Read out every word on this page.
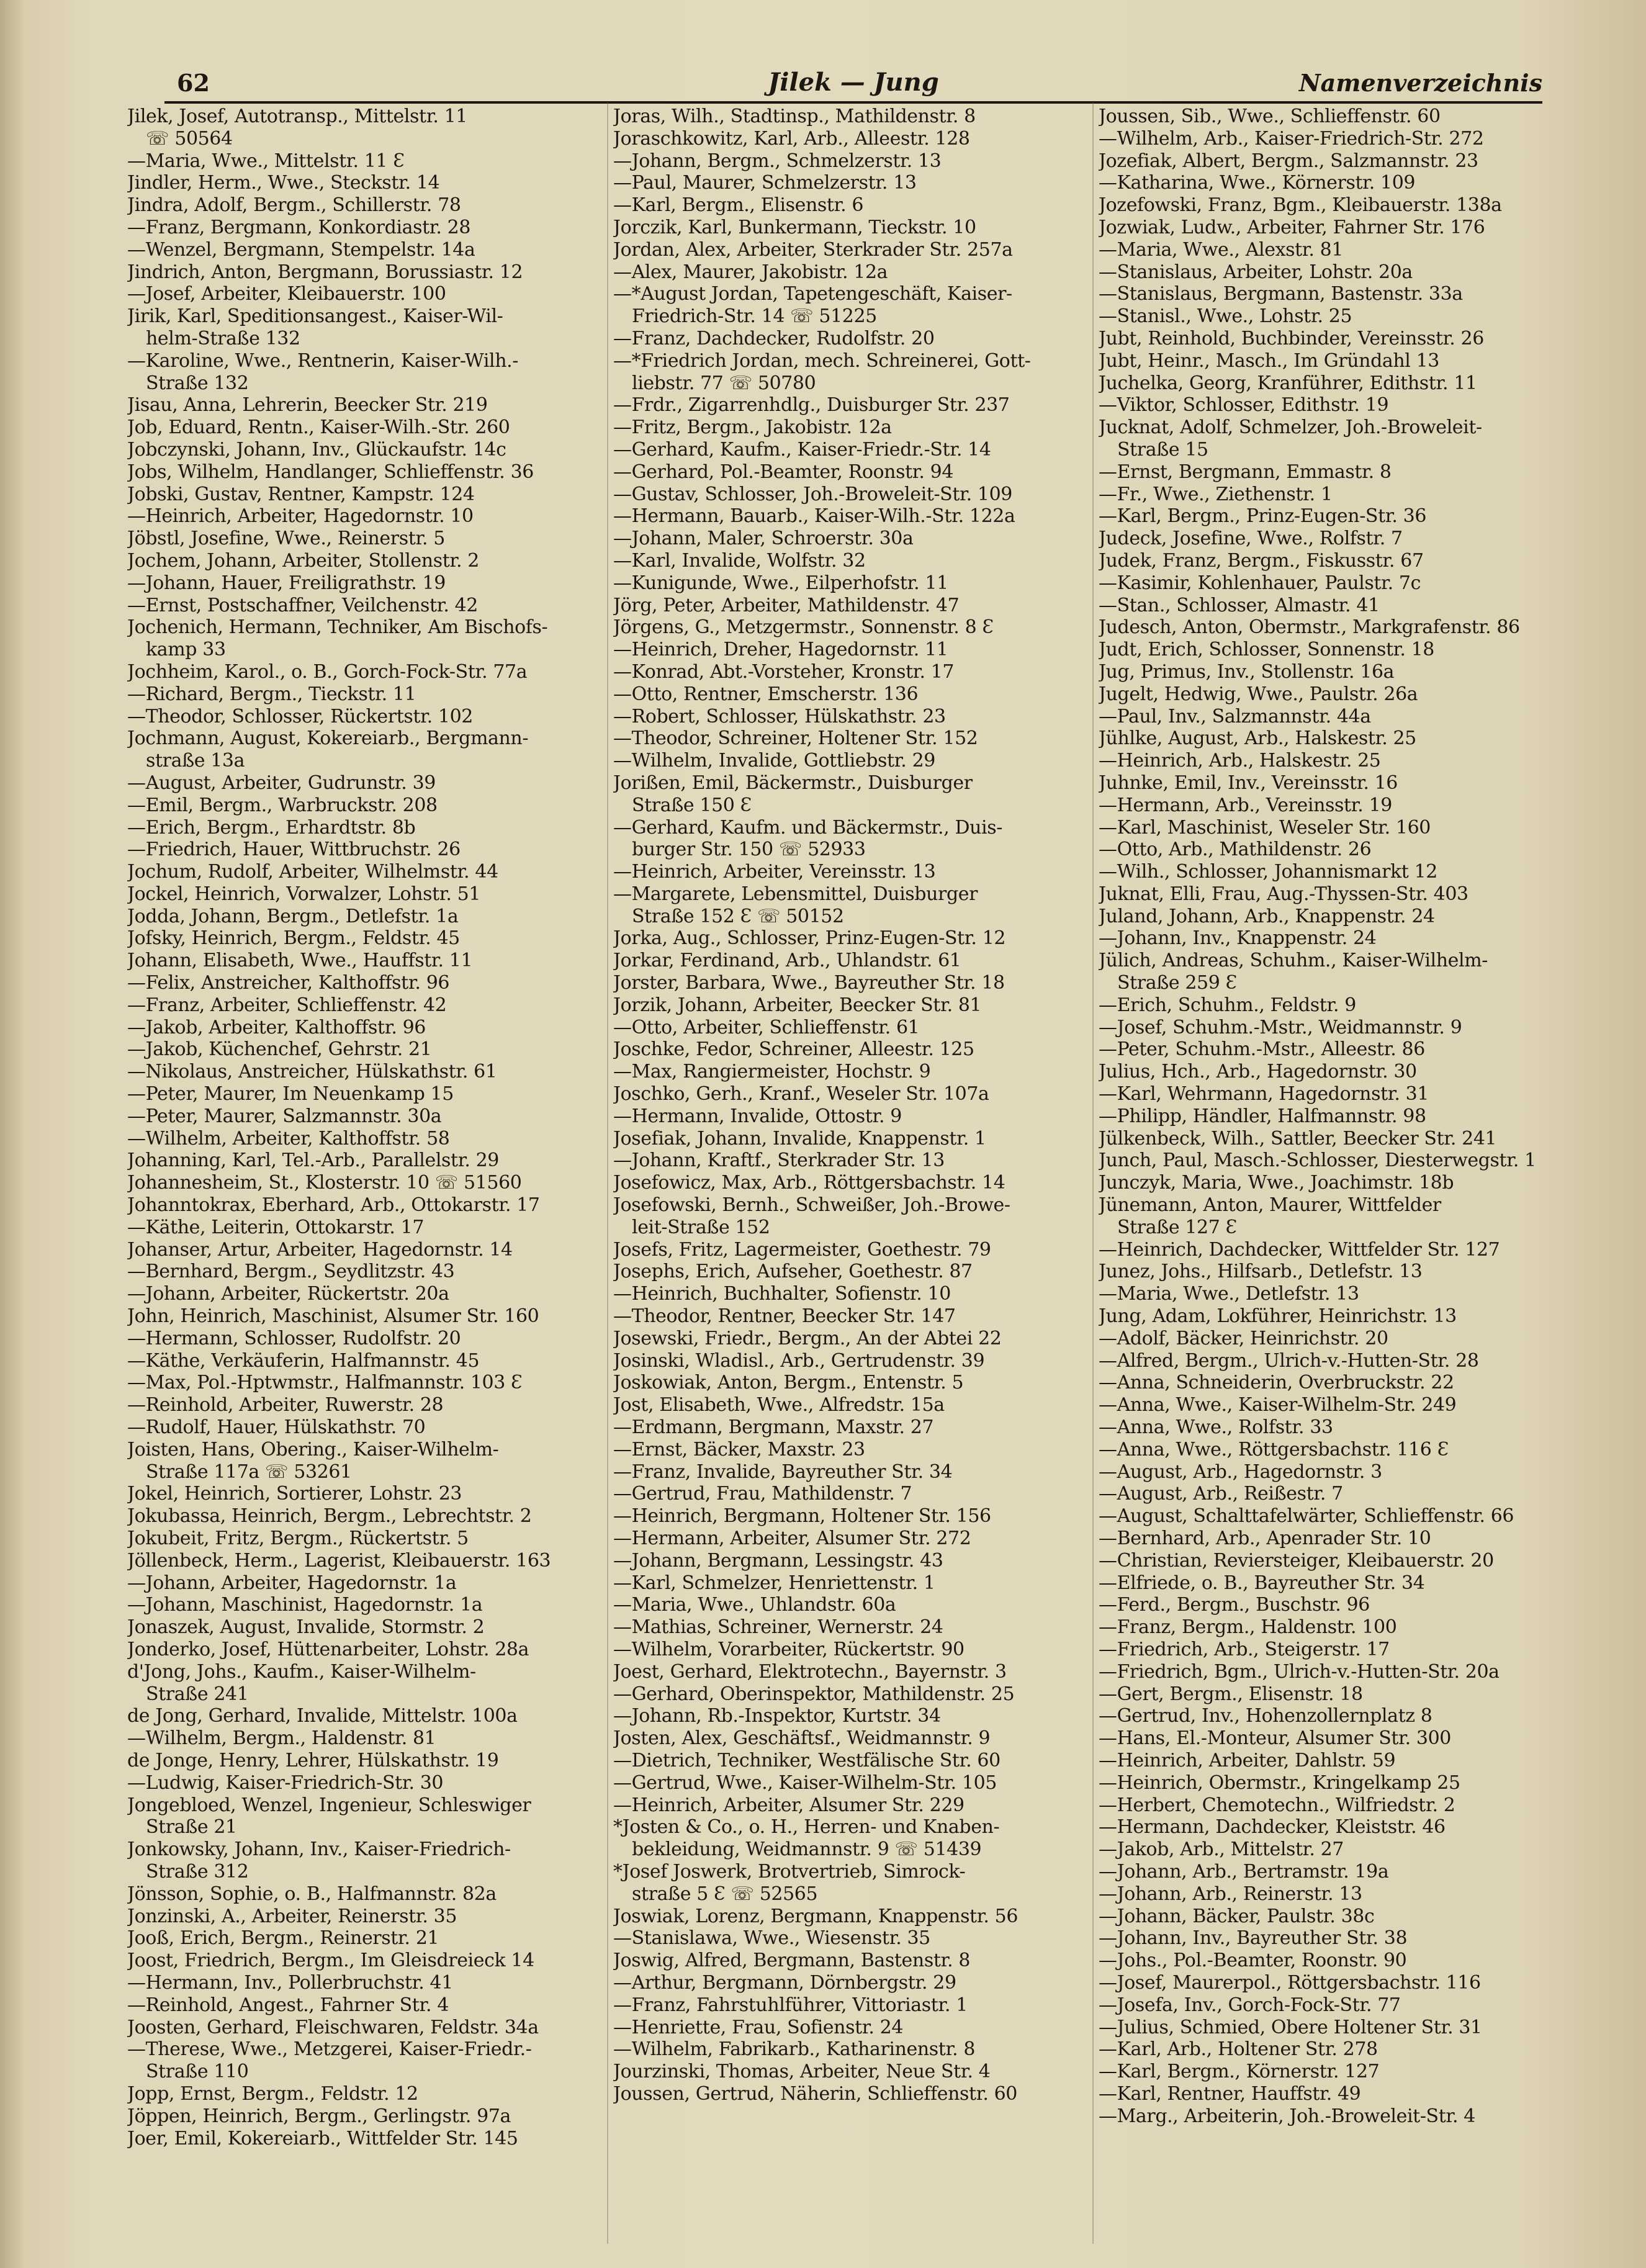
62	Jilek — Jung	Namenverzeichnis
Jilek, Josef, Autotransp., Mittelstr. 11
☏ 50564
—Maria, Wwe., Mittelstr. 11 Ɛ
Jindler, Herm., Wwe., Steckstr. 14
Jindra, Adolf, Bergm., Schillerstr. 78
—Franz, Bergmann, Konkordiastr. 28
—Wenzel, Bergmann, Stempelstr. 14a
Jindrich, Anton, Bergmann, Borussiastr. 12
—Josef, Arbeiter, Kleibauerstr. 100
Jirik, Karl, Speditionsangest., Kaiser-Wil-
helm-Straße 132
—Karoline, Wwe., Rentnerin, Kaiser-Wilh.-
Straße 132
Jisau, Anna, Lehrerin, Beecker Str. 219
Job, Eduard, Rentn., Kaiser-Wilh.-Str. 260
Jobczynski, Johann, Inv., Glückaufstr. 14c
Jobs, Wilhelm, Handlanger, Schlieffenstr. 36
Jobski, Gustav, Rentner, Kampstr. 124
—Heinrich, Arbeiter, Hagedornstr. 10
Jöbstl, Josefine, Wwe., Reinerstr. 5
Jochem, Johann, Arbeiter, Stollenstr. 2
—Johann, Hauer, Freiligrathstr. 19
—Ernst, Postschaffner, Veilchenstr. 42
Jochenich, Hermann, Techniker, Am Bischofs-
kamp 33
Jochheim, Karol., o. B., Gorch-Fock-Str. 77a
—Richard, Bergm., Tieckstr. 11
—Theodor, Schlosser, Rückertstr. 102
Jochmann, August, Kokereiarb., Bergmann-
straße 13a
—August, Arbeiter, Gudrunstr. 39
—Emil, Bergm., Warbruckstr. 208
—Erich, Bergm., Erhardtstr. 8b
—Friedrich, Hauer, Wittbruchstr. 26
Jochum, Rudolf, Arbeiter, Wilhelmstr. 44
Jockel, Heinrich, Vorwalzer, Lohstr. 51
Jodda, Johann, Bergm., Detlefstr. 1a
Jofsky, Heinrich, Bergm., Feldstr. 45
Johann, Elisabeth, Wwe., Hauffstr. 11
—Felix, Anstreicher, Kalthoffstr. 96
—Franz, Arbeiter, Schlieffenstr. 42
—Jakob, Arbeiter, Kalthoffstr. 96
—Jakob, Küchenchef, Gehrstr. 21
—Nikolaus, Anstreicher, Hülskathstr. 61
—Peter, Maurer, Im Neuenkamp 15
—Peter, Maurer, Salzmannstr. 30a
—Wilhelm, Arbeiter, Kalthoffstr. 58
Johanning, Karl, Tel.-Arb., Parallelstr. 29
Johannesheim, St., Klosterstr. 10 ☏ 51560
Johanntokrax, Eberhard, Arb., Ottokarstr. 17
—Käthe, Leiterin, Ottokarstr. 17
Johanser, Artur, Arbeiter, Hagedornstr. 14
—Bernhard, Bergm., Seydlitzstr. 43
—Johann, Arbeiter, Rückertstr. 20a
John, Heinrich, Maschinist, Alsumer Str. 160
—Hermann, Schlosser, Rudolfstr. 20
—Käthe, Verkäuferin, Halfmannstr. 45
—Max, Pol.-Hptwmstr., Halfmannstr. 103 Ɛ
—Reinhold, Arbeiter, Ruwerstr. 28
—Rudolf, Hauer, Hülskathstr. 70
Joisten, Hans, Obering., Kaiser-Wilhelm-
Straße 117a ☏ 53261
Jokel, Heinrich, Sortierer, Lohstr. 23
Jokubassa, Heinrich, Bergm., Lebrechtstr. 2
Jokubeit, Fritz, Bergm., Rückertstr. 5
Jöllenbeck, Herm., Lagerist, Kleibauerstr. 163
—Johann, Arbeiter, Hagedornstr. 1a
—Johann, Maschinist, Hagedornstr. 1a
Jonaszek, August, Invalide, Stormstr. 2
Jonderko, Josef, Hüttenarbeiter, Lohstr. 28a
d'Jong, Johs., Kaufm., Kaiser-Wilhelm-
Straße 241
de Jong, Gerhard, Invalide, Mittelstr. 100a
—Wilhelm, Bergm., Haldenstr. 81
de Jonge, Henry, Lehrer, Hülskathstr. 19
—Ludwig, Kaiser-Friedrich-Str. 30
Jongebloed, Wenzel, Ingenieur, Schleswiger
Straße 21
Jonkowsky, Johann, Inv., Kaiser-Friedrich-
Straße 312
Jönsson, Sophie, o. B., Halfmannstr. 82a
Jonzinski, A., Arbeiter, Reinerstr. 35
Jooß, Erich, Bergm., Reinerstr. 21
Joost, Friedrich, Bergm., Im Gleisdreieck 14
—Hermann, Inv., Pollerbruchstr. 41
—Reinhold, Angest., Fahrner Str. 4
Joosten, Gerhard, Fleischwaren, Feldstr. 34a
—Therese, Wwe., Metzgerei, Kaiser-Friedr.-
Straße 110
Jopp, Ernst, Bergm., Feldstr. 12
Jöppen, Heinrich, Bergm., Gerlingstr. 97a
Joer, Emil, Kokereiarb., Wittfelder Str. 145
Joras, Wilh., Stadtinsp., Mathildenstr. 8
Joraschkowitz, Karl, Arb., Alleestr. 128
—Johann, Bergm., Schmelzerstr. 13
—Paul, Maurer, Schmelzerstr. 13
—Karl, Bergm., Elisenstr. 6
Jorczik, Karl, Bunkermann, Tieckstr. 10
Jordan, Alex, Arbeiter, Sterkrader Str. 257a
—Alex, Maurer, Jakobistr. 12a
—*August Jordan, Tapetengeschäft, Kaiser-
Friedrich-Str. 14 ☏ 51225
—Franz, Dachdecker, Rudolfstr. 20
—*Friedrich Jordan, mech. Schreinerei, Gott-
liebstr. 77 ☏ 50780
—Frdr., Zigarrenhdlg., Duisburger Str. 237
—Fritz, Bergm., Jakobistr. 12a
—Gerhard, Kaufm., Kaiser-Friedr.-Str. 14
—Gerhard, Pol.-Beamter, Roonstr. 94
—Gustav, Schlosser, Joh.-Broweleit-Str. 109
—Hermann, Bauarb., Kaiser-Wilh.-Str. 122a
—Johann, Maler, Schroerstr. 30a
—Karl, Invalide, Wolfstr. 32
—Kunigunde, Wwe., Eilperhofstr. 11
Jörg, Peter, Arbeiter, Mathildenstr. 47
Jörgens, G., Metzgermstr., Sonnenstr. 8 Ɛ
—Heinrich, Dreher, Hagedornstr. 11
—Konrad, Abt.-Vorsteher, Kronstr. 17
—Otto, Rentner, Emscherstr. 136
—Robert, Schlosser, Hülskathstr. 23
—Theodor, Schreiner, Holtener Str. 152
—Wilhelm, Invalide, Gottliebstr. 29
Jorißen, Emil, Bäckermstr., Duisburger
Straße 150 Ɛ
—Gerhard, Kaufm. und Bäckermstr., Duis-
burger Str. 150 ☏ 52933
—Heinrich, Arbeiter, Vereinsstr. 13
—Margarete, Lebensmittel, Duisburger
Straße 152 Ɛ ☏ 50152
Jorka, Aug., Schlosser, Prinz-Eugen-Str. 12
Jorkar, Ferdinand, Arb., Uhlandstr. 61
Jorster, Barbara, Wwe., Bayreuther Str. 18
Jorzik, Johann, Arbeiter, Beecker Str. 81
—Otto, Arbeiter, Schlieffenstr. 61
Joschke, Fedor, Schreiner, Alleestr. 125
—Max, Rangiermeister, Hochstr. 9
Joschko, Gerh., Kranf., Weseler Str. 107a
—Hermann, Invalide, Ottostr. 9
Josefiak, Johann, Invalide, Knappenstr. 1
—Johann, Kraftf., Sterkrader Str. 13
Josefowicz, Max, Arb., Röttgersbachstr. 14
Josefowski, Bernh., Schweißer, Joh.-Browe-
leit-Straße 152
Josefs, Fritz, Lagermeister, Goethestr. 79
Josephs, Erich, Aufseher, Goethestr. 87
—Heinrich, Buchhalter, Sofienstr. 10
—Theodor, Rentner, Beecker Str. 147
Josewski, Friedr., Bergm., An der Abtei 22
Josinski, Wladisl., Arb., Gertrudenstr. 39
Joskowiak, Anton, Bergm., Entenstr. 5
Jost, Elisabeth, Wwe., Alfredstr. 15a
—Erdmann, Bergmann, Maxstr. 27
—Ernst, Bäcker, Maxstr. 23
—Franz, Invalide, Bayreuther Str. 34
—Gertrud, Frau, Mathildenstr. 7
—Heinrich, Bergmann, Holtener Str. 156
—Hermann, Arbeiter, Alsumer Str. 272
—Johann, Bergmann, Lessingstr. 43
—Karl, Schmelzer, Henriettenstr. 1
—Maria, Wwe., Uhlandstr. 60a
—Mathias, Schreiner, Wernerstr. 24
—Wilhelm, Vorarbeiter, Rückertstr. 90
Joest, Gerhard, Elektrotechn., Bayernstr. 3
—Gerhard, Oberinspektor, Mathildenstr. 25
—Johann, Rb.-Inspektor, Kurtstr. 34
Josten, Alex, Geschäftsf., Weidmannstr. 9
—Dietrich, Techniker, Westfälische Str. 60
—Gertrud, Wwe., Kaiser-Wilhelm-Str. 105
—Heinrich, Arbeiter, Alsumer Str. 229
*Josten & Co., o. H., Herren- und Knaben-
bekleidung, Weidmannstr. 9 ☏ 51439
*Josef Joswerk, Brotvertrieb, Simrock-
straße 5 Ɛ ☏ 52565
Joswiak, Lorenz, Bergmann, Knappenstr. 56
—Stanislawa, Wwe., Wiesenstr. 35
Joswig, Alfred, Bergmann, Bastenstr. 8
—Arthur, Bergmann, Dörnbergstr. 29
—Franz, Fahrstuhlführer, Vittoriastr. 1
—Henriette, Frau, Sofienstr. 24
—Wilhelm, Fabrikarb., Katharinenstr. 8
Jourzinski, Thomas, Arbeiter, Neue Str. 4
Joussen, Gertrud, Näherin, Schlieffenstr. 60
Joussen, Sib., Wwe., Schlieffenstr. 60
—Wilhelm, Arb., Kaiser-Friedrich-Str. 272
Jozefiak, Albert, Bergm., Salzmannstr. 23
—Katharina, Wwe., Körnerstr. 109
Jozefowski, Franz, Bgm., Kleibauerstr. 138a
Jozwiak, Ludw., Arbeiter, Fahrner Str. 176
—Maria, Wwe., Alexstr. 81
—Stanislaus, Arbeiter, Lohstr. 20a
—Stanislaus, Bergmann, Bastenstr. 33a
—Stanisl., Wwe., Lohstr. 25
Jubt, Reinhold, Buchbinder, Vereinsstr. 26
Jubt, Heinr., Masch., Im Gründahl 13
Juchelka, Georg, Kranführer, Edithstr. 11
—Viktor, Schlosser, Edithstr. 19
Jucknat, Adolf, Schmelzer, Joh.-Broweleit-
Straße 15
—Ernst, Bergmann, Emmastr. 8
—Fr., Wwe., Ziethenstr. 1
—Karl, Bergm., Prinz-Eugen-Str. 36
Judeck, Josefine, Wwe., Rolfstr. 7
Judek, Franz, Bergm., Fiskusstr. 67
—Kasimir, Kohlenhauer, Paulstr. 7c
—Stan., Schlosser, Almastr. 41
Judesch, Anton, Obermstr., Markgrafenstr. 86
Judt, Erich, Schlosser, Sonnenstr. 18
Jug, Primus, Inv., Stollenstr. 16a
Jugelt, Hedwig, Wwe., Paulstr. 26a
—Paul, Inv., Salzmannstr. 44a
Jühlke, August, Arb., Halskestr. 25
—Heinrich, Arb., Halskestr. 25
Juhnke, Emil, Inv., Vereinsstr. 16
—Hermann, Arb., Vereinsstr. 19
—Karl, Maschinist, Weseler Str. 160
—Otto, Arb., Mathildenstr. 26
—Wilh., Schlosser, Johannismarkt 12
Juknat, Elli, Frau, Aug.-Thyssen-Str. 403
Juland, Johann, Arb., Knappenstr. 24
—Johann, Inv., Knappenstr. 24
Jülich, Andreas, Schuhm., Kaiser-Wilhelm-
Straße 259 Ɛ
—Erich, Schuhm., Feldstr. 9
—Josef, Schuhm.-Mstr., Weidmannstr. 9
—Peter, Schuhm.-Mstr., Alleestr. 86
Julius, Hch., Arb., Hagedornstr. 30
—Karl, Wehrmann, Hagedornstr. 31
—Philipp, Händler, Halfmannstr. 98
Jülkenbeck, Wilh., Sattler, Beecker Str. 241
Junch, Paul, Masch.-Schlosser, Diesterwegstr. 1
Junczyk, Maria, Wwe., Joachimstr. 18b
Jünemann, Anton, Maurer, Wittfelder
Straße 127 Ɛ
—Heinrich, Dachdecker, Wittfelder Str. 127
Junez, Johs., Hilfsarb., Detlefstr. 13
—Maria, Wwe., Detlefstr. 13
Jung, Adam, Lokführer, Heinrichstr. 13
—Adolf, Bäcker, Heinrichstr. 20
—Alfred, Bergm., Ulrich-v.-Hutten-Str. 28
—Anna, Schneiderin, Overbruckstr. 22
—Anna, Wwe., Kaiser-Wilhelm-Str. 249
—Anna, Wwe., Rolfstr. 33
—Anna, Wwe., Röttgersbachstr. 116 Ɛ
—August, Arb., Hagedornstr. 3
—August, Arb., Reißestr. 7
—August, Schalttafelwärter, Schlieffenstr. 66
—Bernhard, Arb., Apenrader Str. 10
—Christian, Reviersteiger, Kleibauerstr. 20
—Elfriede, o. B., Bayreuther Str. 34
—Ferd., Bergm., Buschstr. 96
—Franz, Bergm., Haldenstr. 100
—Friedrich, Arb., Steigerstr. 17
—Friedrich, Bgm., Ulrich-v.-Hutten-Str. 20a
—Gert, Bergm., Elisenstr. 18
—Gertrud, Inv., Hohenzollernplatz 8
—Hans, El.-Monteur, Alsumer Str. 300
—Heinrich, Arbeiter, Dahlstr. 59
—Heinrich, Obermstr., Kringelkamp 25
—Herbert, Chemotechn., Wilfriedstr. 2
—Hermann, Dachdecker, Kleiststr. 46
—Jakob, Arb., Mittelstr. 27
—Johann, Arb., Bertramstr. 19a
—Johann, Arb., Reinerstr. 13
—Johann, Bäcker, Paulstr. 38c
—Johann, Inv., Bayreuther Str. 38
—Johs., Pol.-Beamter, Roonstr. 90
—Josef, Maurerpol., Röttgersbachstr. 116
—Josefa, Inv., Gorch-Fock-Str. 77
—Julius, Schmied, Obere Holtener Str. 31
—Karl, Arb., Holtener Str. 278
—Karl, Bergm., Körnerstr. 127
—Karl, Rentner, Hauffstr. 49
—Marg., Arbeiterin, Joh.-Broweleit-Str. 4
